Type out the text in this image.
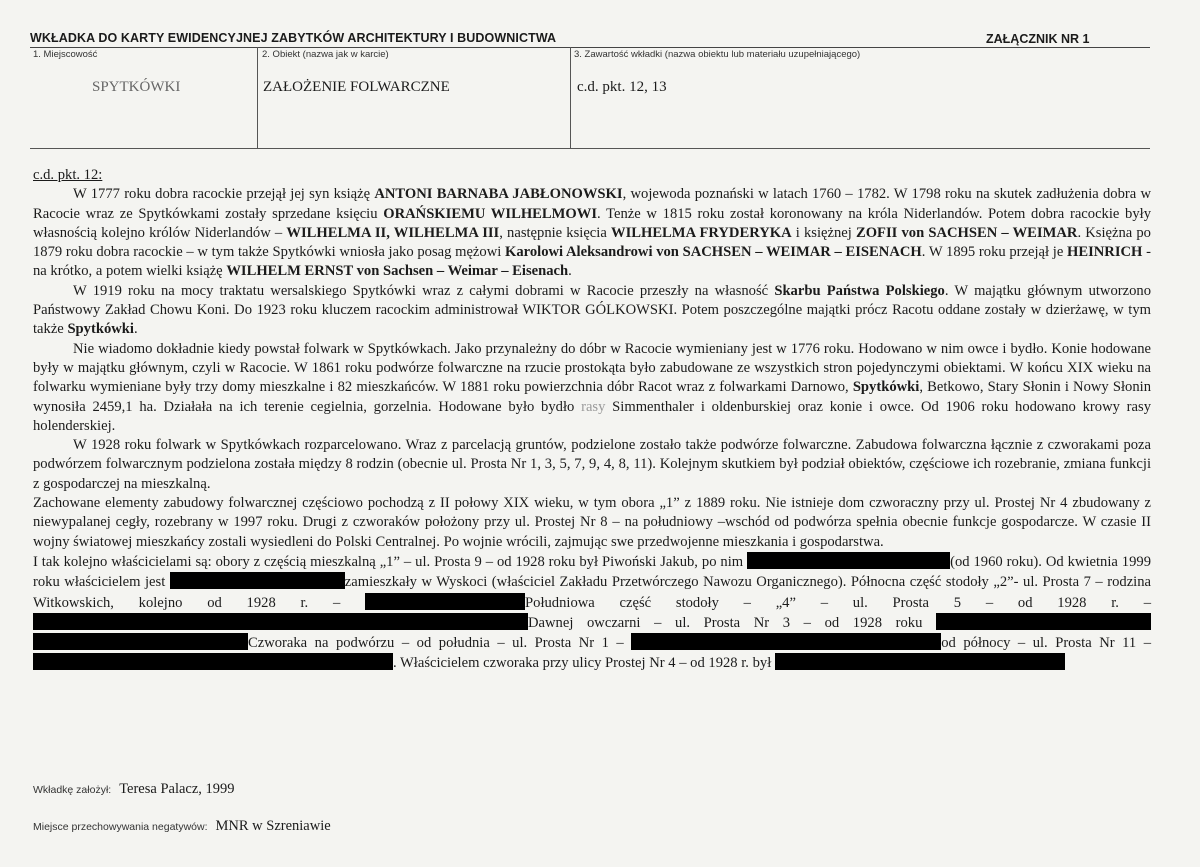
WKŁADKA DO KARTY EWIDENCYJNEJ ZABYTKÓW ARCHITEKTURY I BUDOWNICTWA	ZAŁĄCZNIK NR 1
1. Miejscowość
SPYTKÓWKI
2. Obiekt (nazwa jak w karcie)
ZAŁOŻENIE FOLWARCZNE
3. Zawartość wkładki (nazwa obiektu lub materiału uzupełniającego)
c.d. pkt. 12, 13

c.d. pkt. 12:

W 1777 roku dobra racockie przejął jej syn książę ANTONI BARNABA JABŁONOWSKI, wojewoda poznański w latach 1760 – 1782. W 1798 roku na skutek zadłużenia dobra w Racocie wraz ze Spytkówkami zostały sprzedane księciu ORAŃSKIEMU WILHELMOWI. Tenże w 1815 roku został koronowany na króla Niderlandów. Potem dobra racockie były własnością kolejno królów Niderlandów – WILHELMA II, WILHELMA III, następnie księcia WILHELMA FRYDERYKA i księżnej ZOFII von SACHSEN – WEIMAR. Księżna po 1879 roku dobra racockie – w tym także Spytkówki wniosła jako posag mężowi Karolowi Aleksandrowi von SACHSEN – WEIMAR – EISENACH. W 1895 roku przejął je HEINRICH - na krótko, a potem wielki książę WILHELM ERNST von Sachsen – Weimar – Eisenach.

W 1919 roku na mocy traktatu wersalskiego Spytkówki wraz z całymi dobrami w Racocie przeszły na własność Skarbu Państwa Polskiego. W majątku głównym utworzono Państwowy Zakład Chowu Koni. Do 1923 roku kluczem racockim administrował WIKTOR GÓLKOWSKI. Potem poszczególne majątki prócz Racotu oddane zostały w dzierżawę, w tym także Spytkówki.

Nie wiadomo dokładnie kiedy powstał folwark w Spytkówkach. Jako przynależny do dóbr w Racocie wymieniany jest w 1776 roku. Hodowano w nim owce i bydło. Konie hodowane były w majątku głównym, czyli w Racocie. W 1861 roku podwórze folwarczne na rzucie prostokąta było zabudowane ze wszystkich stron pojedynczymi obiektami. W końcu XIX wieku na folwarku wymieniane były trzy domy mieszkalne i 82 mieszkańców. W 1881 roku powierzchnia dóbr Racot wraz z folwarkami Darnowo, Spytkówki, Betkowo, Stary Słonin i Nowy Słonin wynosiła 2459,1 ha. Działała na ich terenie cegielnia, gorzelnia. Hodowane było bydło rasy Simmenthaler i oldenburskiej oraz konie i owce. Od 1906 roku hodowano krowy rasy holenderskiej.

W 1928 roku folwark w Spytkówkach rozparcelowano. Wraz z parcelacją gruntów, podzielone zostało także podwórze folwarczne. Zabudowa folwarczna łącznie z czworakami poza podwórzem folwarcznym podzielona została między 8 rodzin (obecnie ul. Prosta Nr 1, 3, 5, 7, 9, 4, 8, 11). Kolejnym skutkiem był podział obiektów, częściowe ich rozebranie, zmiana funkcji z gospodarczej na mieszkalną.

Zachowane elementy zabudowy folwarcznej częściowo pochodzą z II połowy XIX wieku, w tym obora „1” z 1889 roku. Nie istnieje dom czworaczny przy ul. Prostej Nr 4 zbudowany z niewypalanej cegły, rozebrany w 1997 roku. Drugi z czworaków położony przy ul. Prostej Nr 8 – na południowy –wschód od podwórza spełnia obecnie funkcje gospodarcze. W czasie II wojny światowej mieszkańcy zostali wysiedleni do Polski Centralnej. Po wojnie wrócili, zajmując swe przedwojenne mieszkania i gospodarstwa.

I tak kolejno właścicielami są: obory z częścią mieszkalną „1” – ul. Prosta 9 – od 1928 roku był Piwoński Jakub, po nim	(od 1960 roku). Od kwietnia 1999 roku właścicielem jest	zamieszkały w Wyskoci (właściciel Zakładu Przetwórczego Nawozu Organicznego). Północna część stodoły „2”- ul. Prosta 7 – rodzina Witkowskich, kolejno od 1928 r. –	Południowa część stodoły – „4” – ul. Prosta 5 – od 1928 r. – Dawnej owczarni – ul. Prosta Nr 3 – od 1928 roku Czworaka na podwórzu – od południa – ul. Prosta Nr 1 –	od północy – ul. Prosta Nr 11 – . Właścicielem czworaka przy ulicy Prostej Nr 4 – od 1928 r. był

Wkładkę założył: Teresa Palacz, 1999
Miejsce przechowywania negatywów: MNR w Szreniawie
